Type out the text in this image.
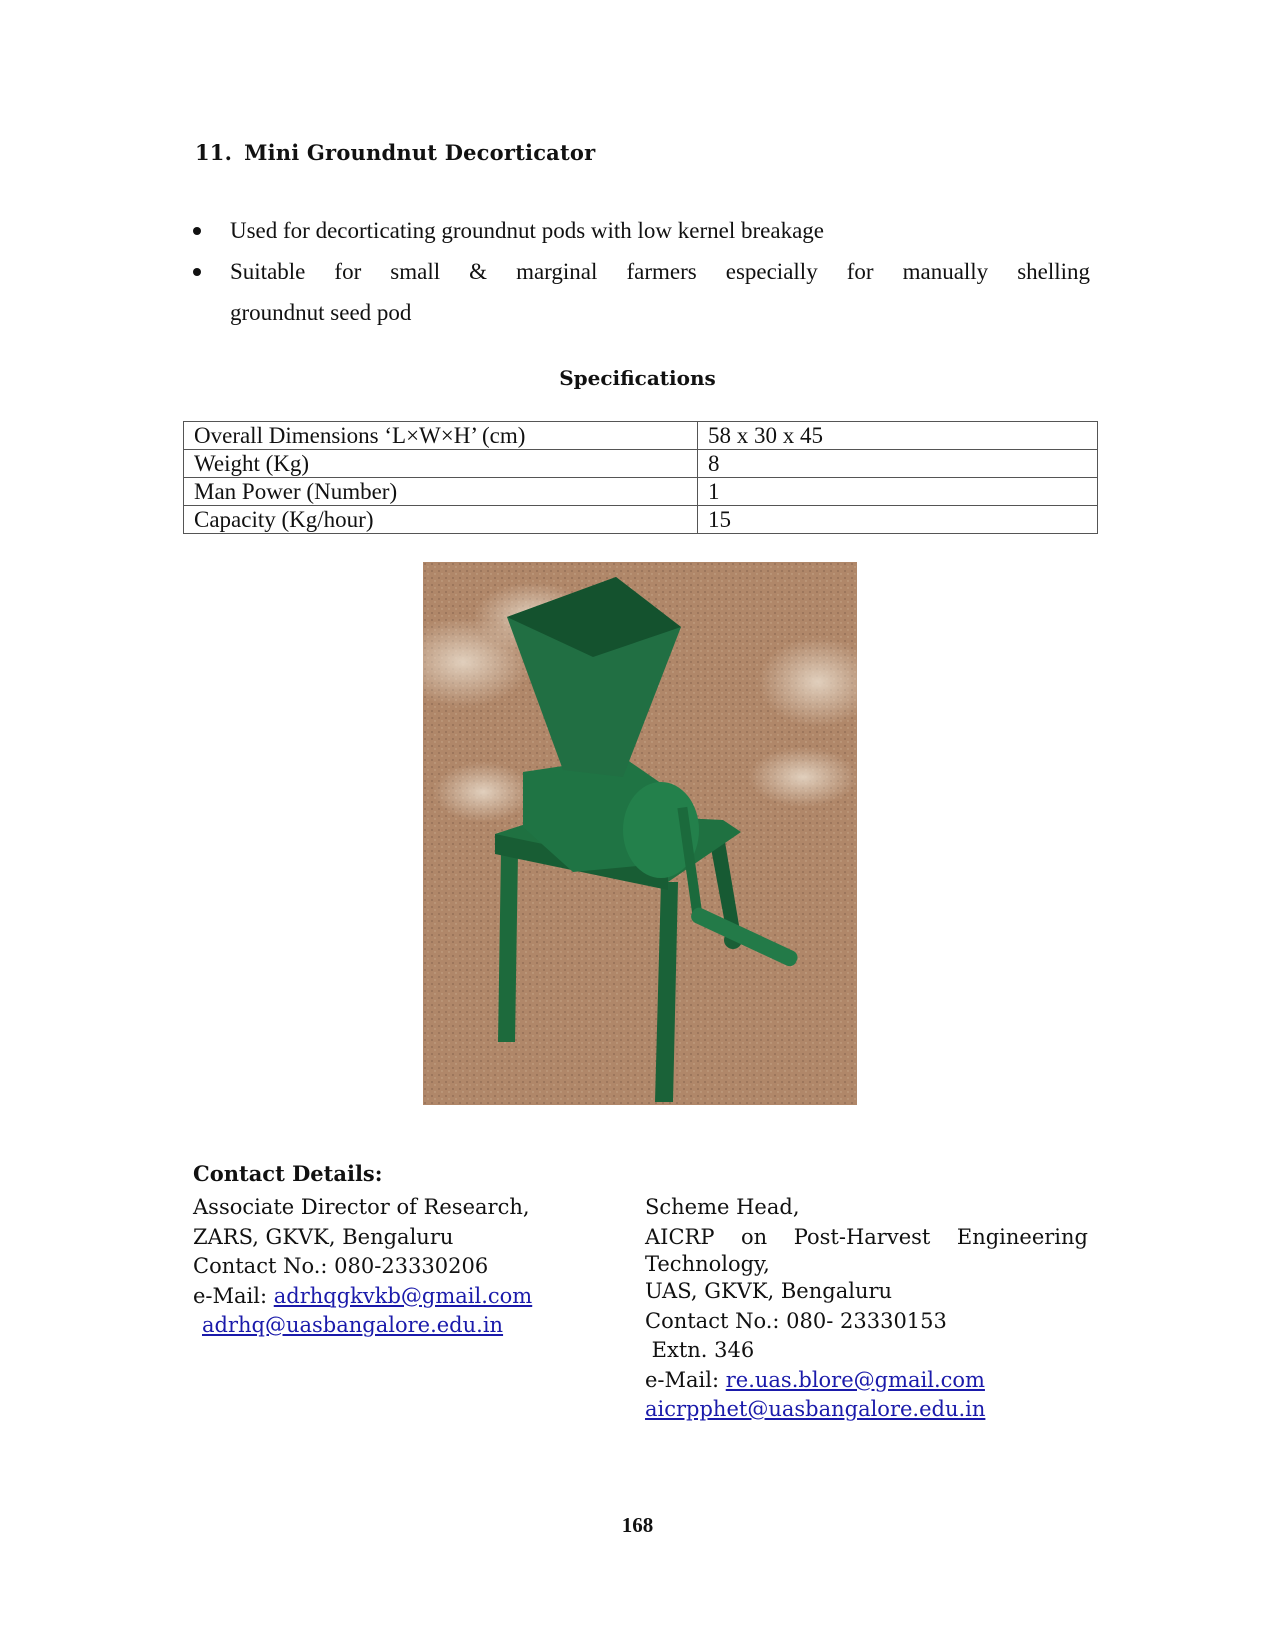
11. Mini Groundnut Decorticator
Used for decorticating groundnut pods with low kernel breakage
Suitable for small & marginal farmers especially for manually shelling
groundnut seed pod
Specifications
Overall Dimensions ‘L×W×H’ (cm)	58 x 30 x 45
Weight (Kg)	8
Man Power (Number)	1
Capacity (Kg/hour)	15
Contact Details:
Associate Director of Research,
ZARS, GKVK, Bengaluru
Contact No.: 080-23330206
e-Mail: adrhqgkvkb@gmail.com
adrhq@uasbangalore.edu.in
Scheme Head,
AICRP on Post-Harvest Engineering
Technology,
UAS, GKVK, Bengaluru
Contact No.: 080- 23330153
Extn. 346
e-Mail: re.uas.blore@gmail.com
aicrpphet@uasbangalore.edu.in
168
